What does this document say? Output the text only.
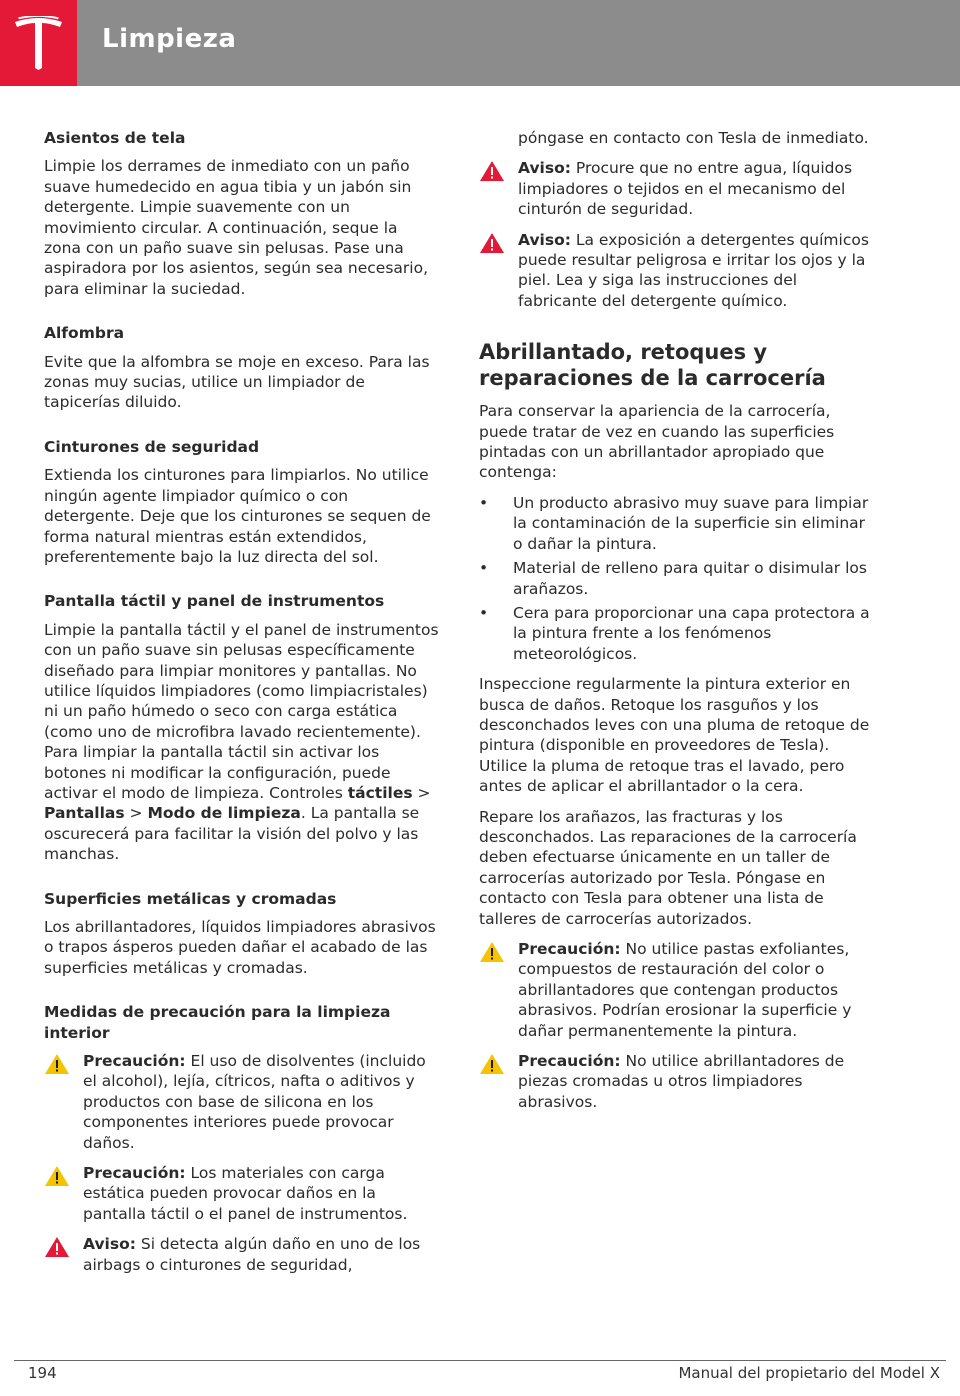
Limpieza
Asientos de tela

Limpie los derrames de inmediato con un paño suave humedecido en agua tibia y un jabón sin detergente. Limpie suavemente con un movimiento circular. A continuación, seque la zona con un paño suave sin pelusas. Pase una aspiradora por los asientos, según sea necesario, para eliminar la suciedad.

Alfombra

Evite que la alfombra se moje en exceso. Para las zonas muy sucias, utilice un limpiador de tapicerías diluido.

Cinturones de seguridad

Extienda los cinturones para limpiarlos. No utilice ningún agente limpiador químico o con detergente. Deje que los cinturones se sequen de forma natural mientras están extendidos, preferentemente bajo la luz directa del sol.

Pantalla táctil y panel de instrumentos

Limpie la pantalla táctil y el panel de instrumentos con un paño suave sin pelusas específicamente diseñado para limpiar monitores y pantallas. No utilice líquidos limpiadores (como limpiacristales) ni un paño húmedo o seco con carga estática (como uno de microfibra lavado recientemente). Para limpiar la pantalla táctil sin activar los botones ni modificar la configuración, puede activar el modo de limpieza. Controles táctiles > Pantallas > Modo de limpieza. La pantalla se oscurecerá para facilitar la visión del polvo y las manchas.

Superficies metálicas y cromadas

Los abrillantadores, líquidos limpiadores abrasivos o trapos ásperos pueden dañar el acabado de las superficies metálicas y cromadas.

Medidas de precaución para la limpieza interior
Precaución: El uso de disolventes (incluido el alcohol), lejía, cítricos, nafta o aditivos y productos con base de silicona en los componentes interiores puede provocar daños.
Precaución: Los materiales con carga estática pueden provocar daños en la pantalla táctil o el panel de instrumentos.
Aviso: Si detecta algún daño en uno de los airbags o cinturones de seguridad,

póngase en contacto con Tesla de inmediato.

Aviso: Procure que no entre agua, líquidos limpiadores o tejidos en el mecanismo del cinturón de seguridad.
Aviso: La exposición a detergentes químicos puede resultar peligrosa e irritar los ojos y la piel. Lea y siga las instrucciones del fabricante del detergente químico.
Abrillantado, retoques y reparaciones de la carrocería

Para conservar la apariencia de la carrocería, puede tratar de vez en cuando las superficies pintadas con un abrillantador apropiado que contenga:

• Un producto abrasivo muy suave para limpiar la contaminación de la superficie sin eliminar o dañar la pintura.
• Material de relleno para quitar o disimular los arañazos.
• Cera para proporcionar una capa protectora a la pintura frente a los fenómenos meteorológicos.

Inspeccione regularmente la pintura exterior en busca de daños. Retoque los rasguños y los desconchados leves con una pluma de retoque de pintura (disponible en proveedores de Tesla). Utilice la pluma de retoque tras el lavado, pero antes de aplicar el abrillantador o la cera.

Repare los arañazos, las fracturas y los desconchados. Las reparaciones de la carrocería deben efectuarse únicamente en un taller de carrocerías autorizado por Tesla. Póngase en contacto con Tesla para obtener una lista de talleres de carrocerías autorizados.

Precaución: No utilice pastas exfoliantes, compuestos de restauración del color o abrillantadores que contengan productos abrasivos. Podrían erosionar la superficie y dañar permanentemente la pintura.
Precaución: No utilice abrillantadores de piezas cromadas u otros limpiadores abrasivos.
194	Manual del propietario del Model X
